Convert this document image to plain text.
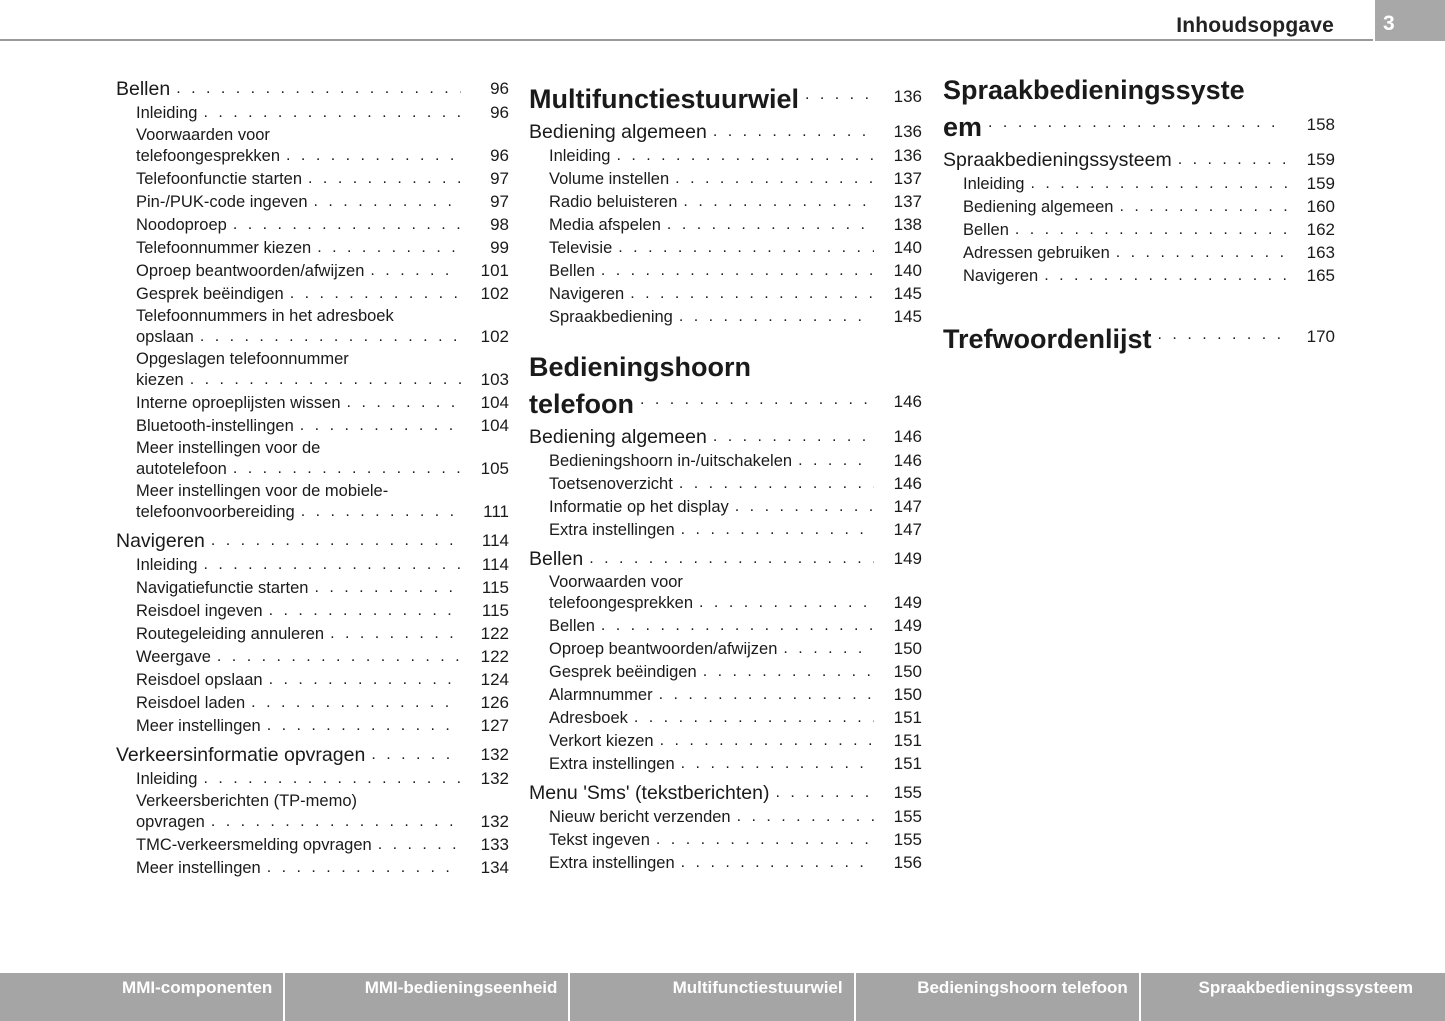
Inhoudsopgave 3
Bellen . . .	96
Inleiding . . .	96
Voorwaarden voor
telefoongesprekken . . .	96
Telefoonfunctie starten . . .	97
Pin-/PUK-code ingeven . . .	97
Noodoproep . . .	98
Telefoonnummer kiezen . . .	99
Oproep beantwoorden/afwijzen . . .	101
Gesprek beëindigen . . .	102
Telefoonnummers in het adresboek
opslaan . . .	102
Opgeslagen telefoonnummer
kiezen . . .	103
Interne oproeplijsten wissen . . .	104
Bluetooth-instellingen . . .	104
Meer instellingen voor de
autotelefoon . . .	105
Meer instellingen voor de mobiele-
telefoonvoorbereiding . . .	111
Navigeren . . .	114
Inleiding . . .	114
Navigatiefunctie starten . . .	115
Reisdoel ingeven . . .	115
Routegeleiding annuleren . . .	122
Weergave . . .	122
Reisdoel opslaan . . .	124
Reisdoel laden . . .	126
Meer instellingen . . .	127
Verkeersinformatie opvragen . . .	132
Inleiding . . .	132
Verkeersberichten (TP-memo)
opvragen . . .	132
TMC-verkeersmelding opvragen . . .	133
Meer instellingen . . .	134
Multifunctiestuurwiel . . .	136
Bediening algemeen . . .	136
Inleiding . . .	136
Volume instellen . . .	137
Radio beluisteren . . .	137
Media afspelen . . .	138
Televisie . . .	140
Bellen . . .	140
Navigeren . . .	145
Spraakbediening . . .	145
Bedieningshoorn
telefoon . . .	146
Bediening algemeen . . .	146
Bedieningshoorn in-/uitschakelen . . .	146
Toetsenoverzicht . . .	146
Informatie op het display . . .	147
Extra instellingen . . .	147
Bellen . . .	149
Voorwaarden voor
telefoongesprekken . . .	149
Bellen . . .	149
Oproep beantwoorden/afwijzen . . .	150
Gesprek beëindigen . . .	150
Alarmnummer . . .	150
Adresboek . . .	151
Verkort kiezen . . .	151
Extra instellingen . . .	151
Menu 'Sms' (tekstberichten) . . .	155
Nieuw bericht verzenden . . .	155
Tekst ingeven . . .	155
Extra instellingen . . .	156
Spraakbedieningssyste
em . . .	158
Spraakbedieningssysteem . . .	159
Inleiding . . .	159
Bediening algemeen . . .	160
Bellen . . .	162
Adressen gebruiken . . .	163
Navigeren . . .	165
Trefwoordenlijst . . .	170
MMI-componenten	MMI-bedieningseenheid	Multifunctiestuurwiel	Bedieningshoorn telefoon	Spraakbedieningssysteem
